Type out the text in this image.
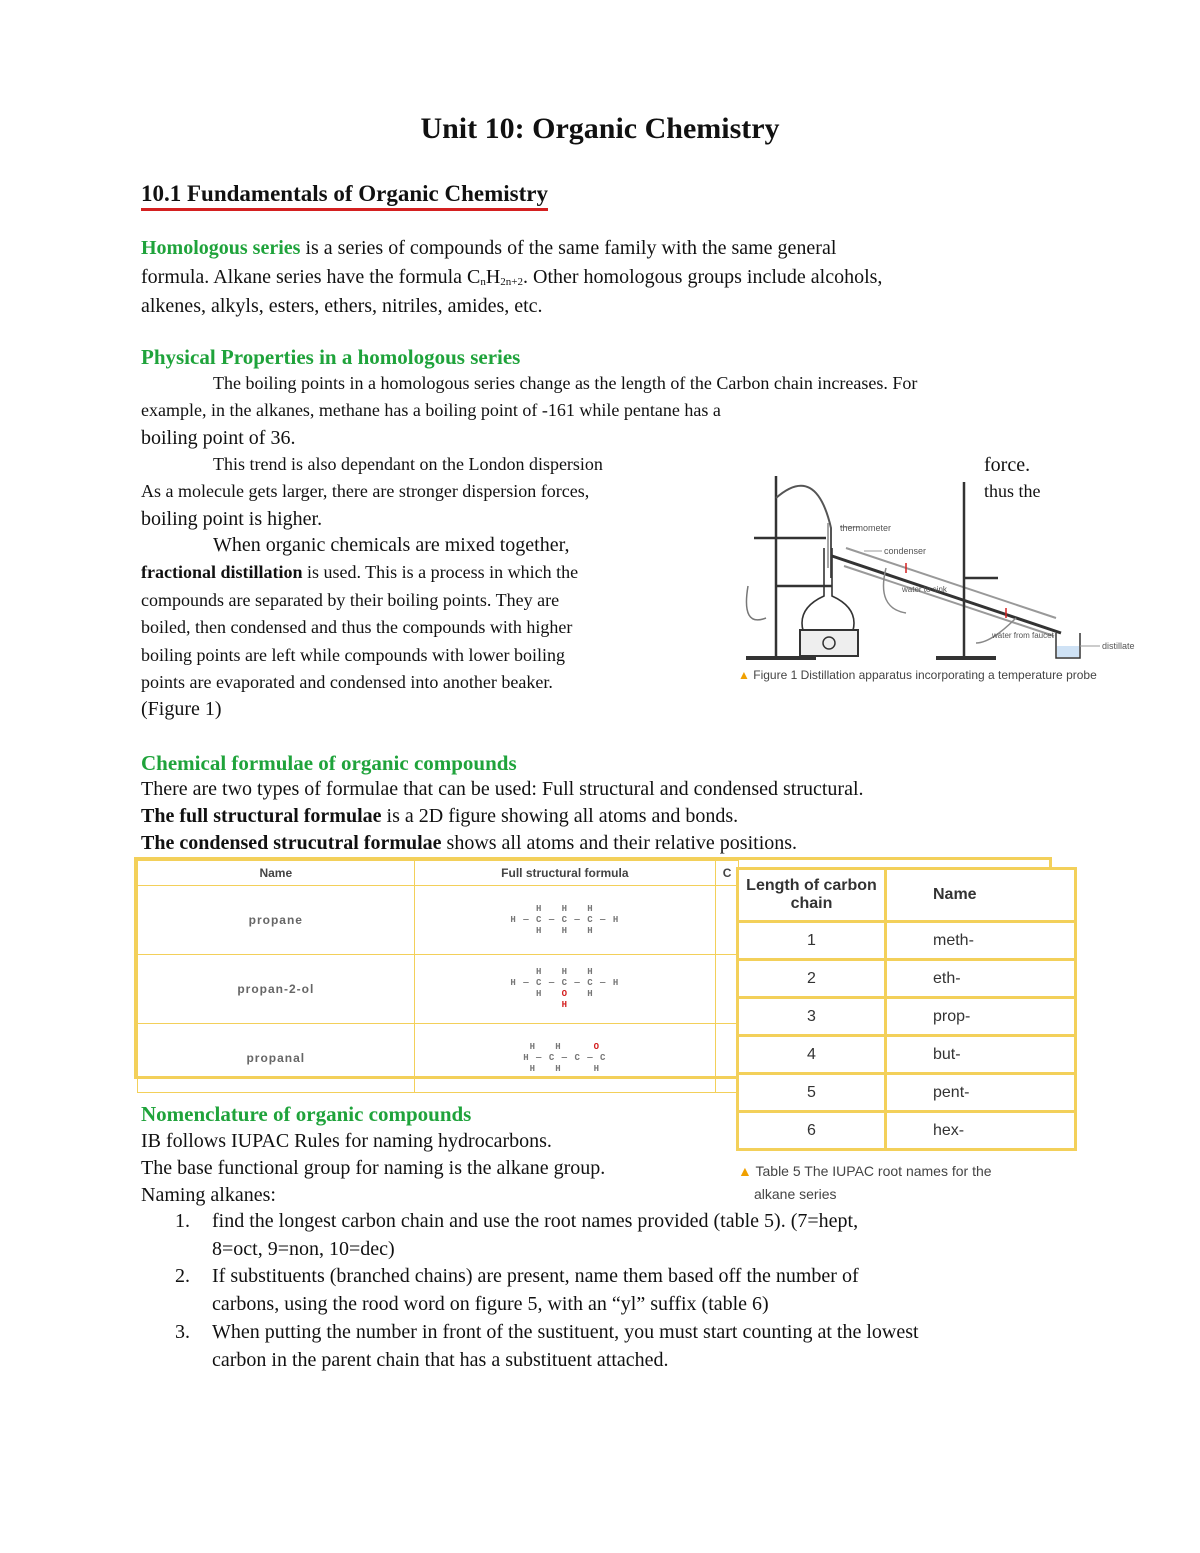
Unit 10: Organic Chemistry
10.1 Fundamentals of Organic Chemistry
Homologous series is a series of compounds of the same family with the same general
formula. Alkane series have the formula $C_nH_{2n+2}$. Other homologous groups include alcohols,
alkenes, alkyls, esters, ethers, nitriles, amides, etc.
Physical Properties in a homologous series
The boiling points in a homologous series change as the length of the Carbon chain increases. For
example, in the alkanes, methane has a boiling point of -161 while pentane has a
boiling point of 36.
This trend is also dependant on the London dispersion	force.
As a molecule gets larger, there are stronger dispersion forces,	thus the
boiling point is higher.
When organic chemicals are mixed together,
fractional distillation is used. This is a process in which the
compounds are separated by their boiling points. They are
boiled, then condensed and thus the compounds with higher
boiling points are left while compounds with lower boiling
points are evaporated and condensed into another beaker.
(Figure 1)
thermometer
condenser
water to sink
water from faucet
distillate
▲ Figure 1 Distillation apparatus incorporating a temperature probe
Chemical formulae of organic compounds
There are two types of formulae that can be used: Full structural and condensed structural.
The full structural formulae is a 2D figure showing all atoms and bonds.
The condensed strucutral formulae shows all atoms and their relative positions.
Name	Full structural formula	C
propane	H   H   H
H — C — C — C — H
H   H   H	

propan-2-ol	H   H   H
H — C — C — C — H
H   O   H
H	

propanal	H   H     O
H — C — C — C
H   H     H	

Length of carbon chain	Name
1	meth-
2	eth-
3	prop-
4	but-
5	pent-
6	hex-
▲ Table 5 The IUPAC root names for the
alkane series
Nomenclature of organic compounds
IB follows IUPAC Rules for naming hydrocarbons.
The base functional group for naming is the alkane group.
Naming alkanes:
1. find the longest carbon chain and use the root names provided (table 5). (7=hept,
8=oct, 9=non, 10=dec)
2. If substituents (branched chains) are present, name them based off the number of
carbons, using the rood word on figure 5, with an “yl” suffix (table 6)
3. When putting the number in front of the sustituent, you must start counting at the lowest
carbon in the parent chain that has a substituent attached.
